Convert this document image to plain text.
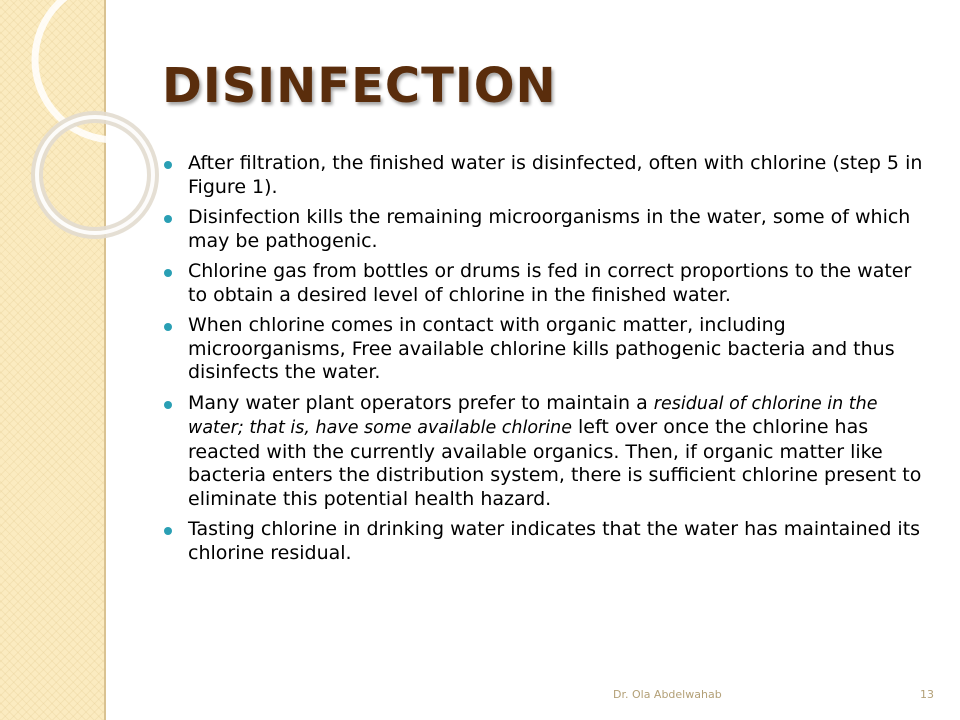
DISINFECTION
After filtration, the finished water is disinfected, often with chlorine (step 5 in Figure 1).
Disinfection kills the remaining microorganisms in the water, some of which may be pathogenic.
Chlorine gas from bottles or drums is fed in correct proportions to the water to obtain a desired level of chlorine in the finished water.
When chlorine comes in contact with organic matter, including microorganisms, Free available chlorine kills pathogenic bacteria and thus disinfects the water.
Many water plant operators prefer to maintain a residual of chlorine in the water; that is, have some available chlorine left over once the chlorine has reacted with the currently available organics. Then, if organic matter like bacteria enters the distribution system, there is sufficient chlorine present to eliminate this potential health hazard.
Tasting chlorine in drinking water indicates that the water has maintained its chlorine residual.
Dr. Ola Abdelwahab	13
